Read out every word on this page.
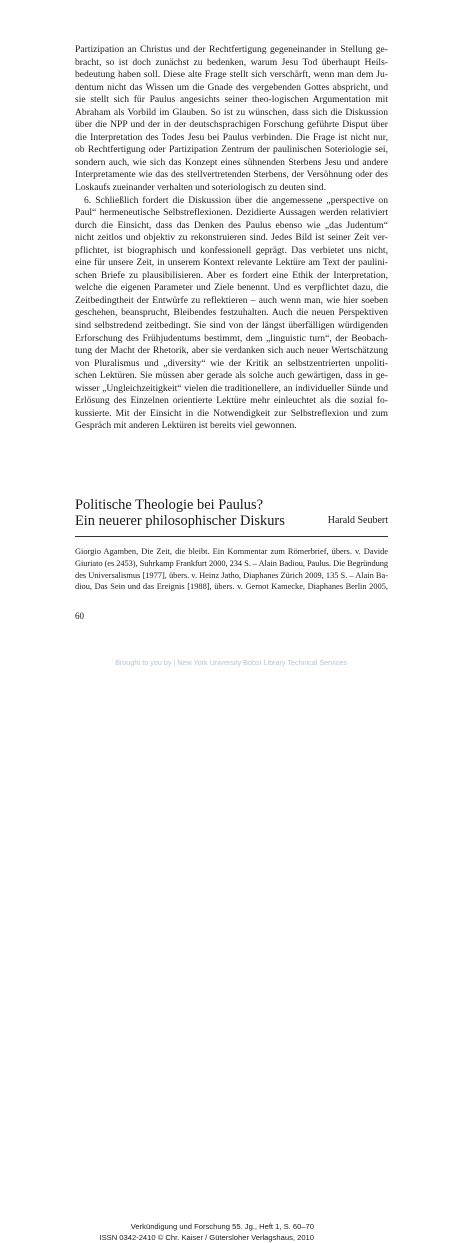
Partizipation an Christus und der Rechtfertigung gegeneinander in Stellung ge-
bracht, so ist doch zunächst zu bedenken, warum Jesu Tod überhaupt Heils-
bedeutung haben soll. Diese alte Frage stellt sich verschärft, wenn man dem Ju-
dentum nicht das Wissen um die Gnade des vergebenden Gottes abspricht, und
sie stellt sich für Paulus angesichts seiner theo-logischen Argumentation mit
Abraham als Vorbild im Glauben. So ist zu wünschen, dass sich die Diskussion
über die NPP und der in der deutschsprachigen Forschung geführte Disput über
die Interpretation des Todes Jesu bei Paulus verbinden. Die Frage ist nicht nur,
ob Rechtfertigung oder Partizipation Zentrum der paulinischen Soteriologie sei,
sondern auch, wie sich das Konzept eines sühnenden Sterbens Jesu und andere
Interpretamente wie das des stellvertretenden Sterbens, der Versöhnung oder des
Loskaufs zueinander verhalten und soteriologisch zu deuten sind.

6. Schließlich fordert die Diskussion über die angemessene „perspective on
Paul“ hermeneutische Selbstreflexionen. Dezidierte Aussagen werden relativiert
durch die Einsicht, dass das Denken des Paulus ebenso wie „das Judentum“
nicht zeitlos und objektiv zu rekonstruieren sind. Jedes Bild ist seiner Zeit ver-
pflichtet, ist biographisch und konfessionell geprägt. Das verbietet uns nicht,
eine für unsere Zeit, in unserem Kontext relevante Lektüre am Text der paulini-
schen Briefe zu plausibilisieren. Aber es fordert eine Ethik der Interpretation,
welche die eigenen Parameter und Ziele benennt. Und es verpflichtet dazu, die
Zeitbedingtheit der Entwürfe zu reflektieren – auch wenn man, wie hier soeben
geschehen, beansprucht, Bleibendes festzuhalten. Auch die neuen Perspektiven
sind selbstredend zeitbedingt. Sie sind von der längst überfälligen würdigenden
Erforschung des Frühjudentums bestimmt, dem „linguistic turn“, der Beobach-
tung der Macht der Rhetorik, aber sie verdanken sich auch neuer Wertschätzung
von Pluralismus und „diversity“ wie der Kritik an selbstzentrierten unpoliti-
schen Lektüren. Sie müssen aber gerade als solche auch gewärtigen, dass in ge-
wisser „Ungleichzeitigkeit“ vielen die traditionellere, an individueller Sünde und
Erlösung des Einzelnen orientierte Lektüre mehr einleuchtet als die sozial fo-
kussierte. Mit der Einsicht in die Notwendigkeit zur Selbstreflexion und zum
Gespräch mit anderen Lektüren ist bereits viel gewonnen.

Politische Theologie bei Paulus?
Ein neuerer philosophischer Diskurs	Harald Seubert
Giorgio Agamben, Die Zeit, die bleibt. Ein Kommentar zum Römerbrief, übers. v. Davide
Giuriato (es 2453), Suhrkamp Frankfurt 2000, 234 S. – Alain Badiou, Paulus. Die Begründung
des Universalismus [1977], übers. v. Heinz Jatho, Diaphanes Zürich 2009, 135 S. – Alain Ba-
diou, Das Sein und das Ereignis [1988], übers. v. Gernot Kamecke, Diaphanes Berlin 2005,
60
Verkündigung und Forschung 55. Jg., Heft 1, S. 60–70
ISSN 0342-2410 © Chr. Kaiser / Gütersloher Verlagshaus, 2010
Brought to you by | New York University Bobst Library Technical Services
